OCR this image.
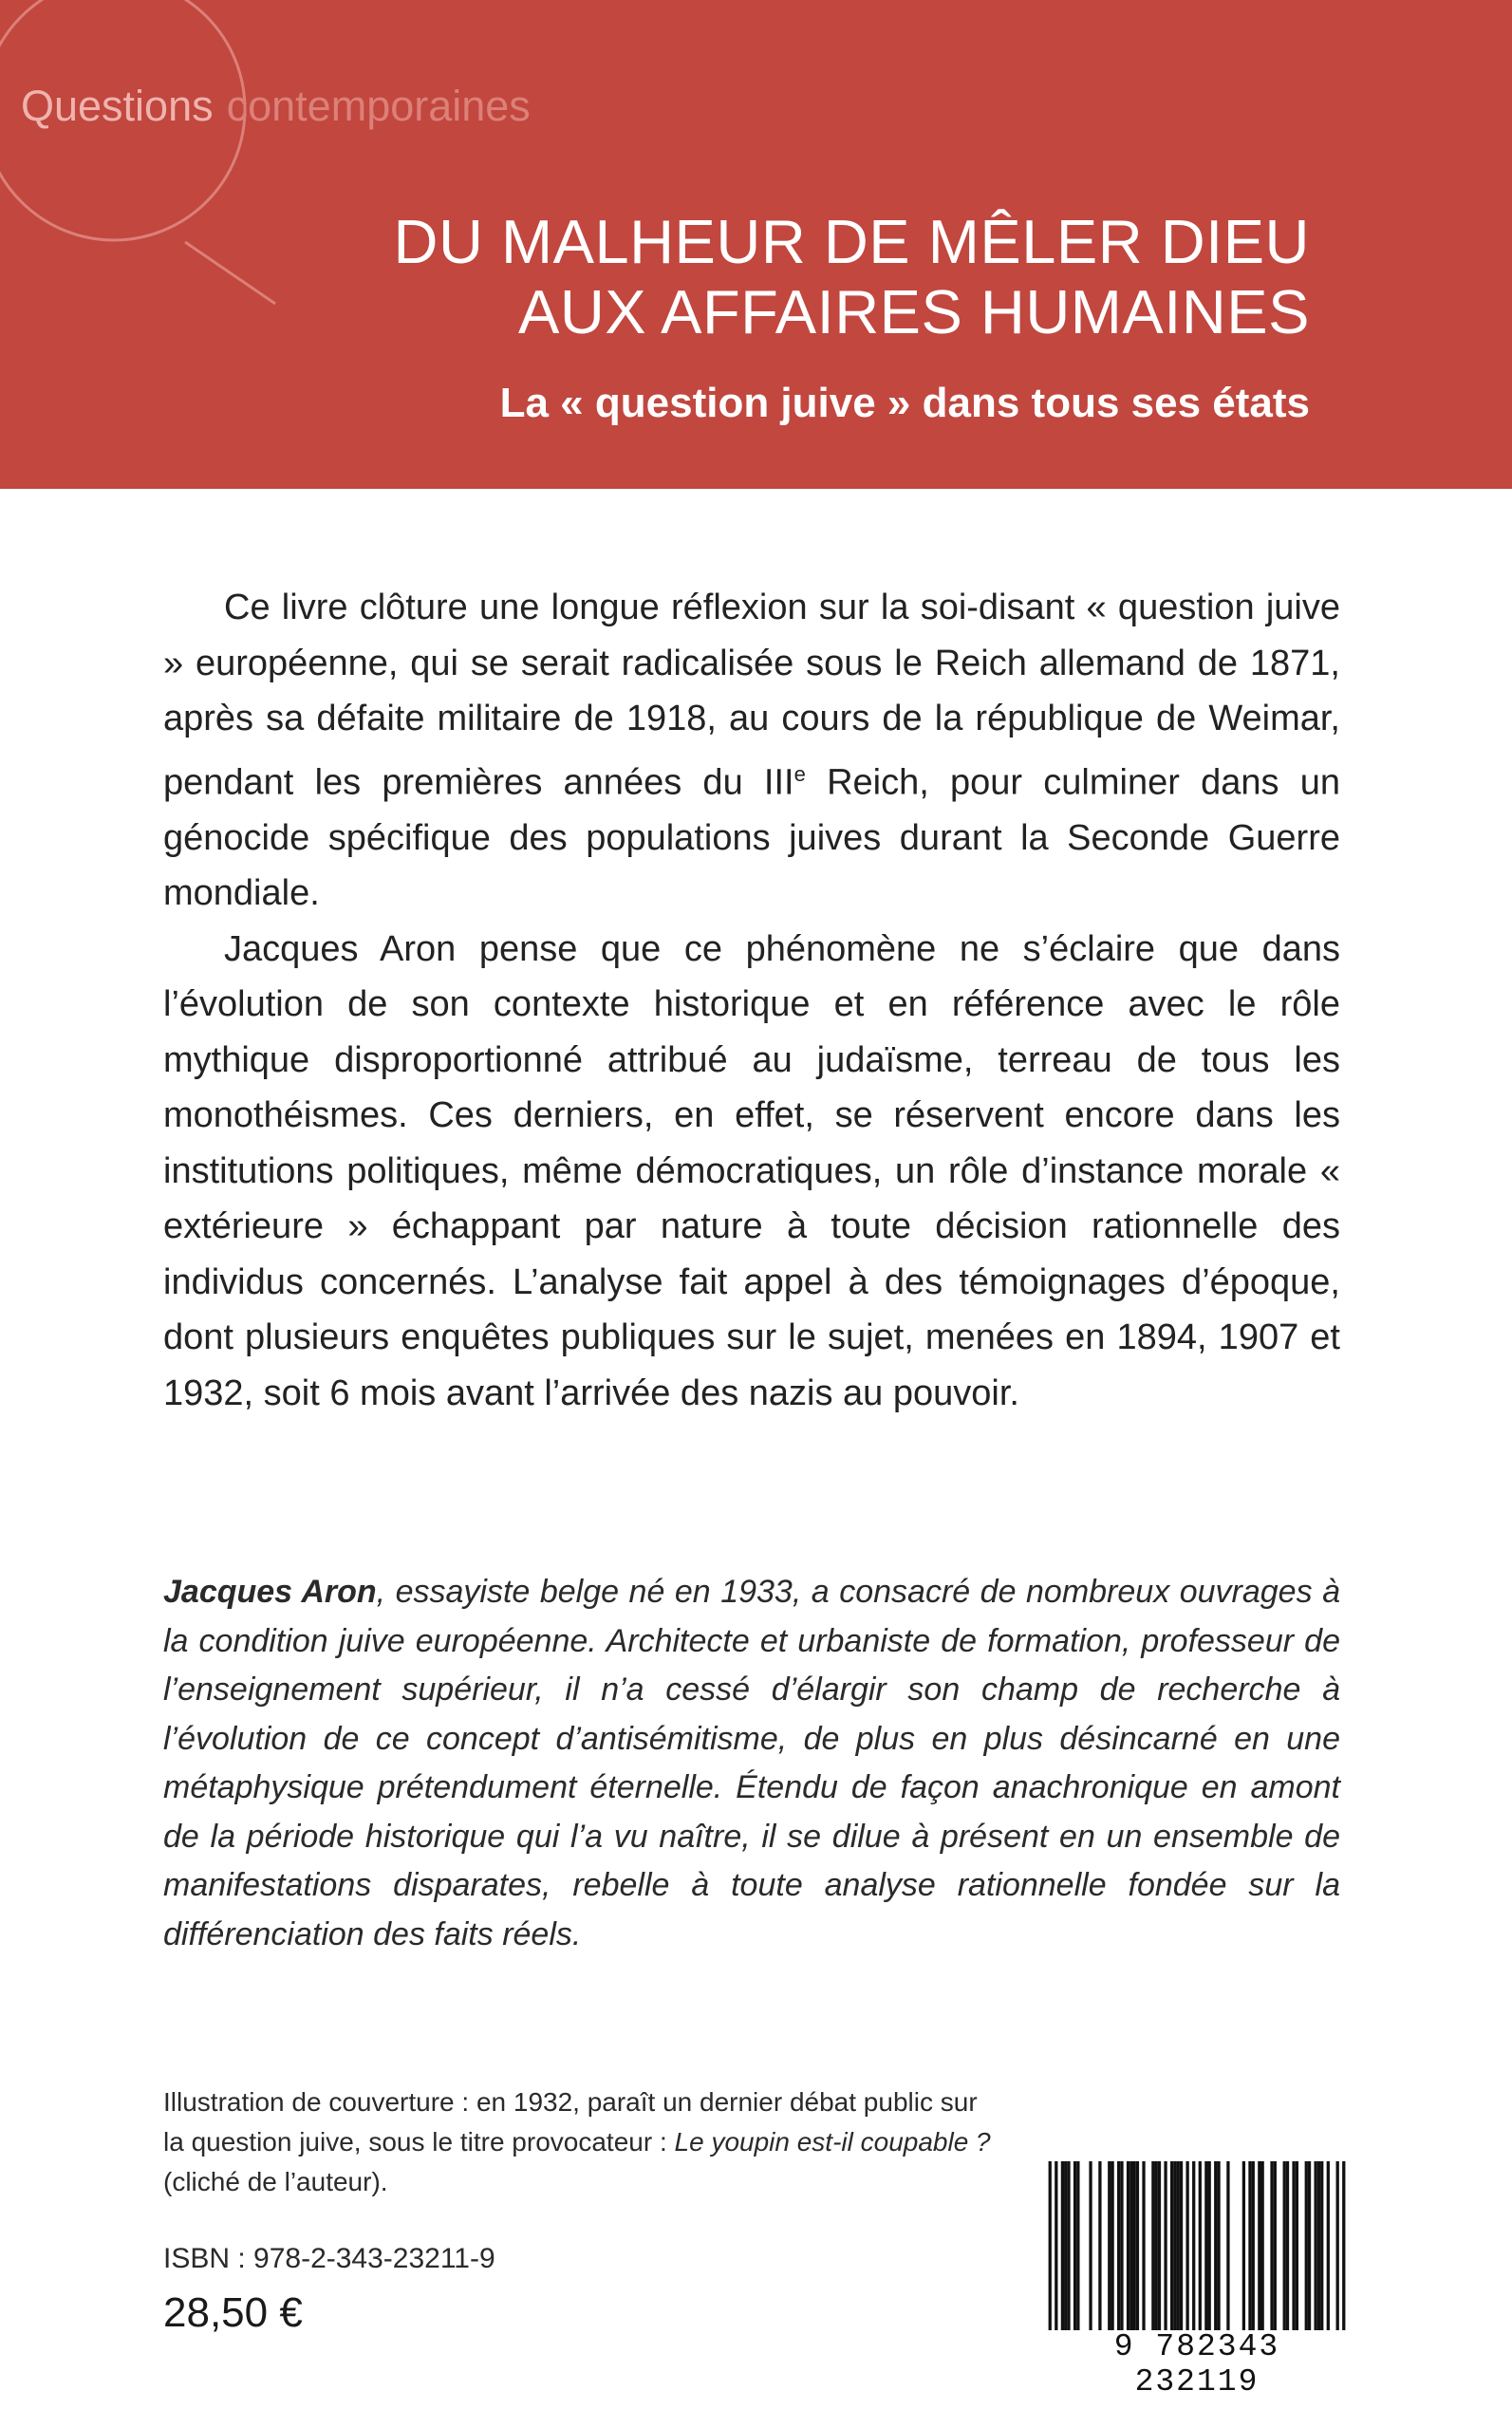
Questions contemporaines
DU MALHEUR DE MÊLER DIEU
AUX AFFAIRES HUMAINES
La « question juive » dans tous ses états

Ce livre clôture une longue réflexion sur la soi-disant « question juive » européenne, qui se serait radicalisée sous le Reich allemand de 1871, après sa défaite militaire de 1918, au cours de la république de Weimar, pendant les premières années du IIIe Reich, pour culminer dans un génocide spécifique des populations juives durant la Seconde Guerre mondiale.

Jacques Aron pense que ce phénomène ne s’éclaire que dans l’évolution de son contexte historique et en référence avec le rôle mythique disproportionné attribué au judaïsme, terreau de tous les monothéismes. Ces derniers, en effet, se réservent encore dans les institutions politiques, même démocratiques, un rôle d’instance morale « extérieure » échappant par nature à toute décision rationnelle des individus concernés. L’analyse fait appel à des témoignages d’époque, dont plusieurs enquêtes publiques sur le sujet, menées en 1894, 1907 et 1932, soit 6 mois avant l’arrivée des nazis au pouvoir.

Jacques Aron, essayiste belge né en 1933, a consacré de nombreux ouvrages à la condition juive européenne. Architecte et urbaniste de formation, professeur de l’enseignement supérieur, il n’a cessé d’élargir son champ de recherche à l’évolution de ce concept d’antisémitisme, de plus en plus désincarné en une métaphysique prétendument éternelle. Étendu de façon anachronique en amont de la période historique qui l’a vu naître, il se dilue à présent en un ensemble de manifestations disparates, rebelle à toute analyse rationnelle fondée sur la différenciation des faits réels.
Illustration de couverture : en 1932, paraît un dernier débat public sur
la question juive, sous le titre provocateur : Le youpin est-il coupable ?
(cliché de l’auteur).
ISBN : 978-2-343-23211-9
28,50 €
9 782343 232119
